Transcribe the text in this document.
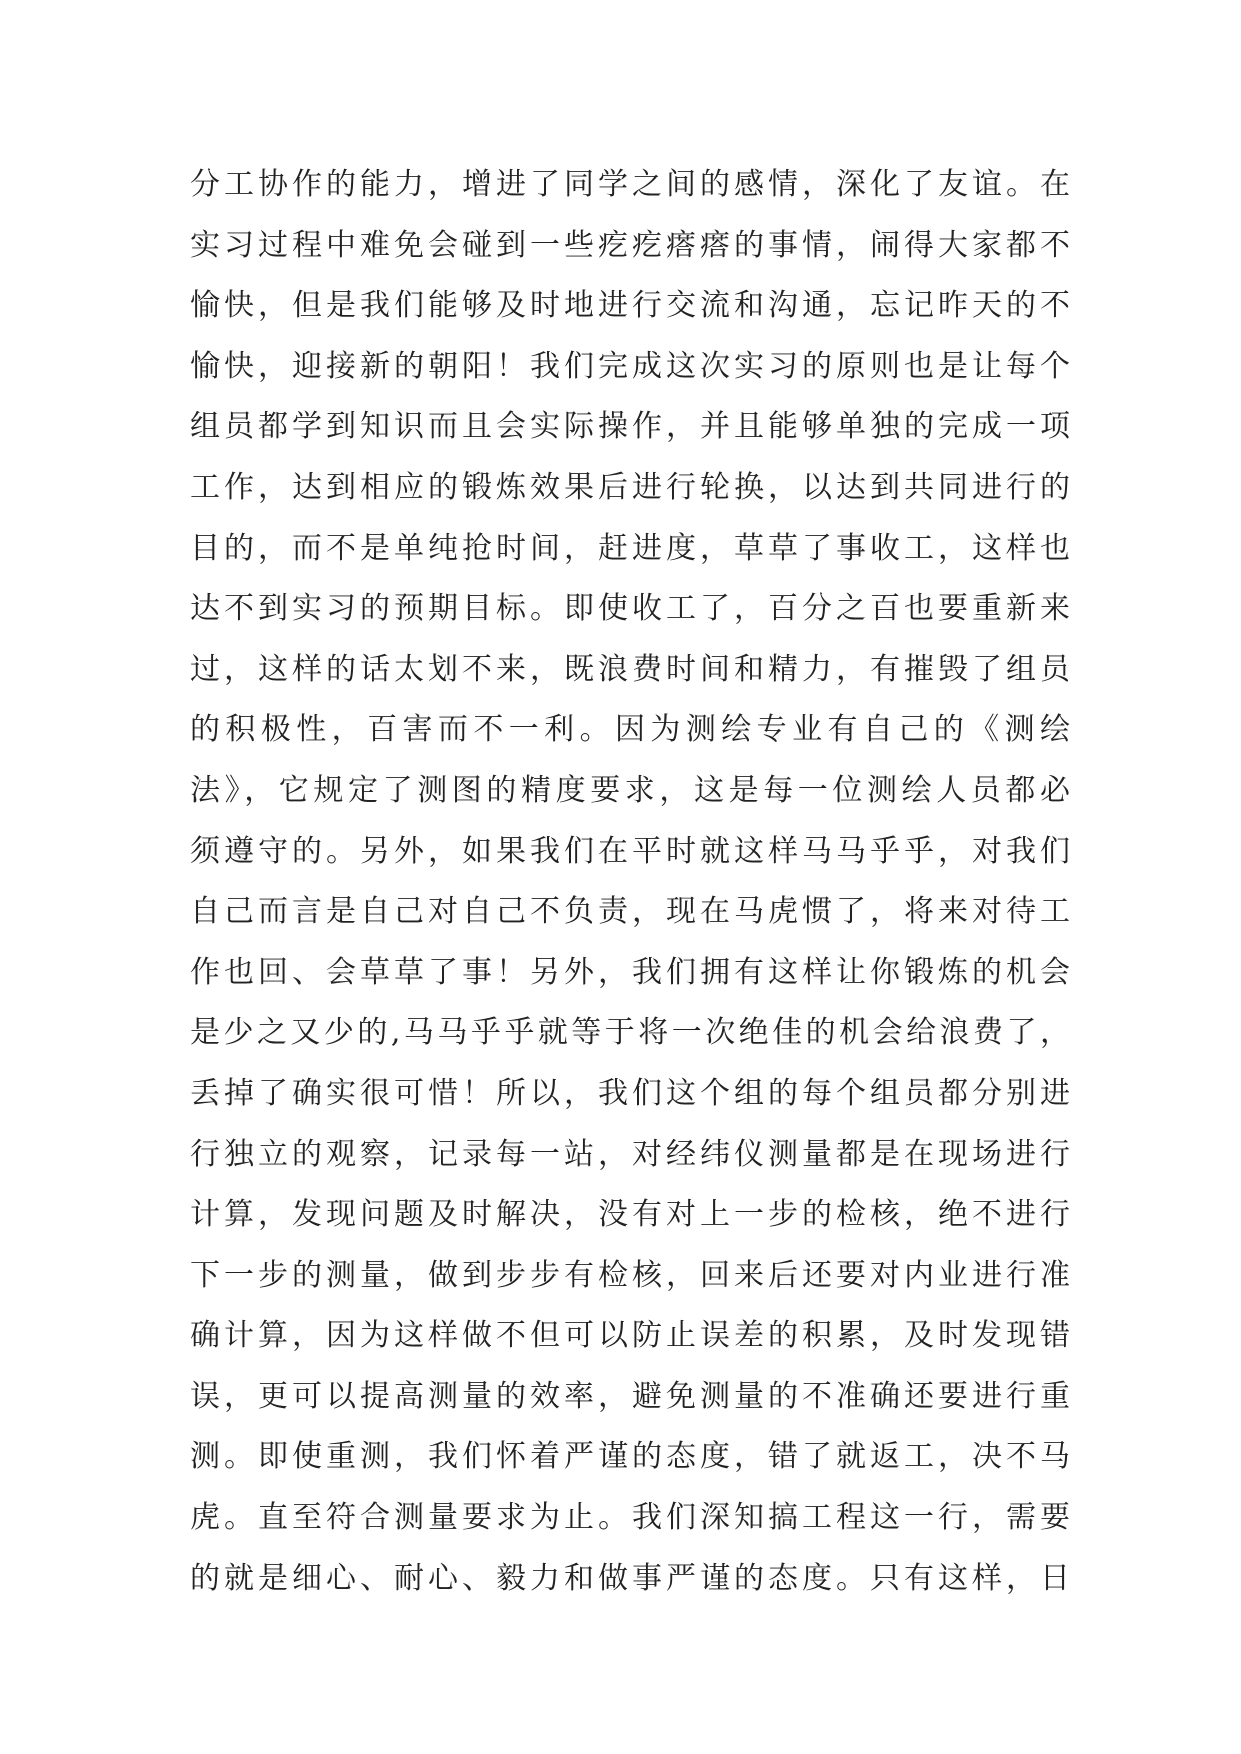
分工协作的能力，增进了同学之间的感情，深化了友谊。在
实习过程中难免会碰到一些疙疙瘩瘩的事情，闹得大家都不
愉快，但是我们能够及时地进行交流和沟通，忘记昨天的不
愉快，迎接新的朝阳！我们完成这次实习的原则也是让每个
组员都学到知识而且会实际操作，并且能够单独的完成一项
工作，达到相应的锻炼效果后进行轮换，以达到共同进行的
目的，而不是单纯抢时间，赶进度，草草了事收工，这样也
达不到实习的预期目标。即使收工了，百分之百也要重新来
过，这样的话太划不来，既浪费时间和精力，有摧毁了组员
的积极性，百害而不一利。因为测绘专业有自己的《测绘
法》，它规定了测图的精度要求，这是每一位测绘人员都必
须遵守的。另外，如果我们在平时就这样马马乎乎，对我们
自己而言是自己对自己不负责，现在马虎惯了，将来对待工
作也回、会草草了事！另外，我们拥有这样让你锻炼的机会
是少之又少的,马马乎乎就等于将一次绝佳的机会给浪费了，
丢掉了确实很可惜！所以，我们这个组的每个组员都分别进
行独立的观察，记录每一站，对经纬仪测量都是在现场进行
计算，发现问题及时解决，没有对上一步的检核，绝不进行
下一步的测量，做到步步有检核，回来后还要对内业进行准
确计算，因为这样做不但可以防止误差的积累，及时发现错
误，更可以提高测量的效率，避免测量的不准确还要进行重
测。即使重测，我们怀着严谨的态度，错了就返工，决不马
虎。直至符合测量要求为止。我们深知搞工程这一行，需要
的就是细心、耐心、毅力和做事严谨的态度。只有这样，日
